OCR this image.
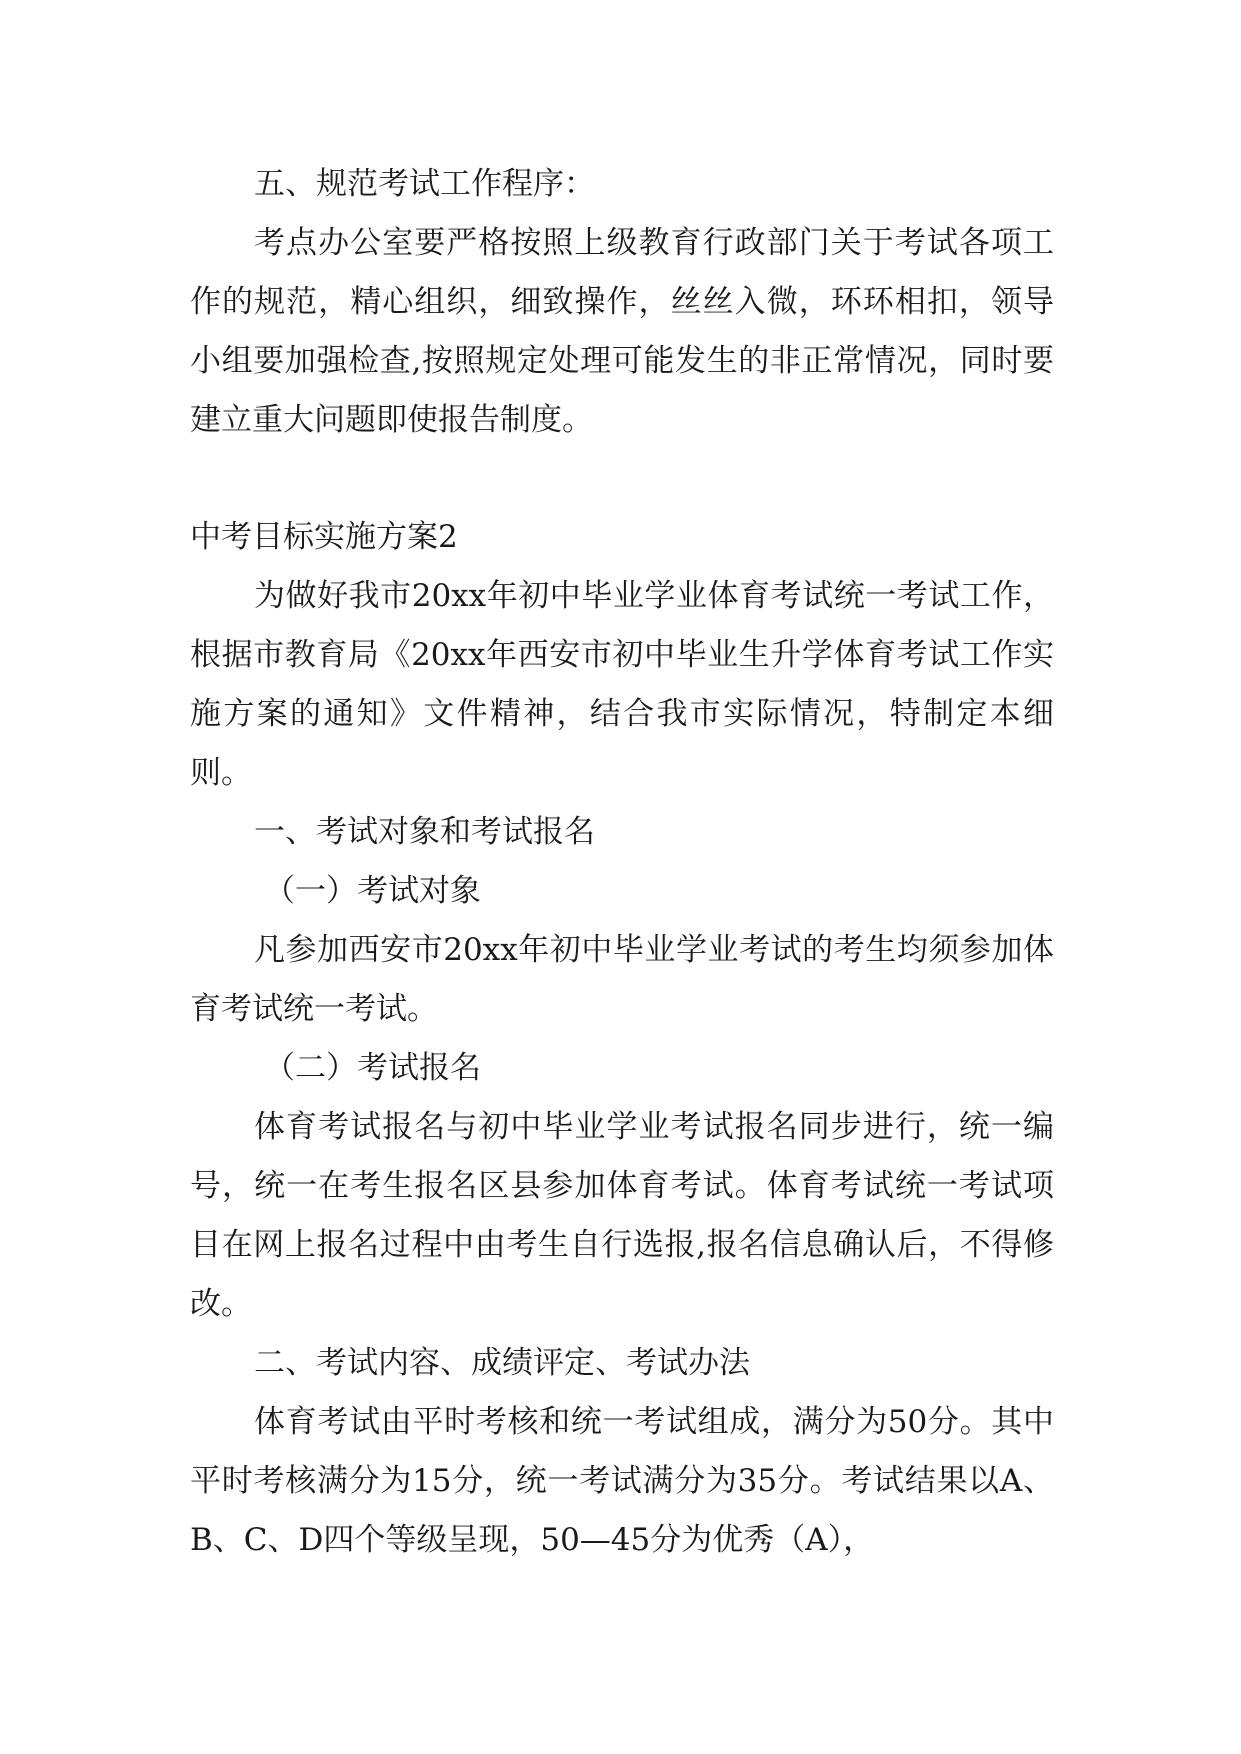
五、规范考试工作程序：

考点办公室要严格按照上级教育行政部门关于考试各项工作的规范，精心组织，细致操作，丝丝入微，环环相扣，领导小组要加强检查,按照规定处理可能发生的非正常情况，同时要建立重大问题即使报告制度。

中考目标实施方案2

为做好我市20xx年初中毕业学业体育考试统一考试工作，根据市教育局《20xx年西安市初中毕业生升学体育考试工作实施方案的通知》文件精神，结合我市实际情况，特制定本细则。

一、考试对象和考试报名

（一）考试对象

凡参加西安市20xx年初中毕业学业考试的考生均须参加体育考试统一考试。

（二）考试报名

体育考试报名与初中毕业学业考试报名同步进行，统一编号，统一在考生报名区县参加体育考试。体育考试统一考试项目在网上报名过程中由考生自行选报,报名信息确认后，不得修改。

二、考试内容、成绩评定、考试办法

体育考试由平时考核和统一考试组成，满分为50分。其中平时考核满分为15分，统一考试满分为35分。考试结果以A、B、C、D四个等级呈现，50—45分为优秀（A），
